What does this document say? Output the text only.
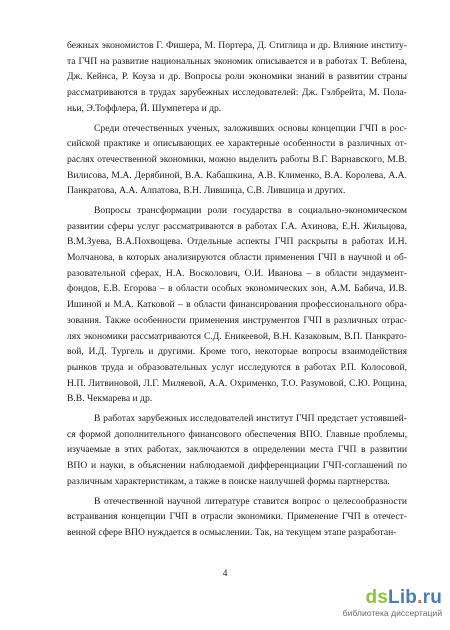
бежных экономистов Г. Фишера, М. Портера, Д. Стиглица и др. Влияние институ-
та ГЧП на развитие национальных экономик описывается и в работах Т. Веблена,
Дж. Кейнса, Р. Коуза и др. Вопросы роли экономики знаний в развитии страны
рассматриваются в трудах зарубежных исследователей: Дж. Гэлбрейта, М. Пола-
ньи, Э.Тоффлера, Й. Шумпетера и др.
Среди отечественных ученых, заложивших основы концепции ГЧП в рос-
сийской практике и описывающих ее характерные особенности в различных от-
раслях отечественной экономики, можно выделить работы В.Г. Варнавского, М.В.
Вилисова, М.А. Дерябиной, В.А. Кабашкина, А.В. Клименко, В.А. Королева, А.А.
Панкратова, А.А. Алпатова, В.Н. Лившица, С.В. Лившица и других.
Вопросы трансформации роли государства в социально-экономическом
развитии сферы услуг рассматриваются в работах Г.А. Ахинова, Е.Н. Жильцова,
В.М.Зуева, В.А.Похвощева. Отдельные аспекты ГЧП раскрыты в работах И.Н.
Молчанова, в которых анализируются области применения ГЧП в научной и об-
разовательной сферах, Н.А. Восколович, О.И. Иванова – в области эндаумент-
фондов, Е.В. Егорова – в области особых экономических зон, А.М. Бабича, И.В.
Ишиной и М.А. Катковой – в области финансирования профессионального обра-
зования. Также особенности применения инструментов ГЧП в различных отрас-
лях экономики рассматриваются С.Д. Еникеевой, В.Н. Казаковым, В.П. Панкрато-
вой, И.Д. Тургель и другими. Кроме того, некоторые вопросы взаимодействия
рынков труда и образовательных услуг исследуются в работах Р.П. Колосовой,
Н.П. Литвиновой, Л.Г. Миляевой, А.А. Охрименко, Т.О. Разумовой, С.Ю. Рощина,
В.В. Чекмарева и др.
В работах зарубежных исследователей институт ГЧП предстает устоявшей-
ся формой дополнительного финансового обеспечения ВПО. Главные проблемы,
изучаемые в этих работах, заключаются в определении места ГЧП в развитии
ВПО и науки, в объяснении наблюдаемой дифференциации ГЧП-соглашений по
различным характеристикам, а также в поиске наилучшей формы партнерства.
В отечественной научной литературе ставится вопрос о целесообразности
встраивания концепции ГЧП в отрасли экономики. Применение ГЧП в отечест-
венной сфере ВПО нуждается в осмыслении. Так, на текущем этапе разработан-
4
dsLib.ru
библиотека диссертаций
